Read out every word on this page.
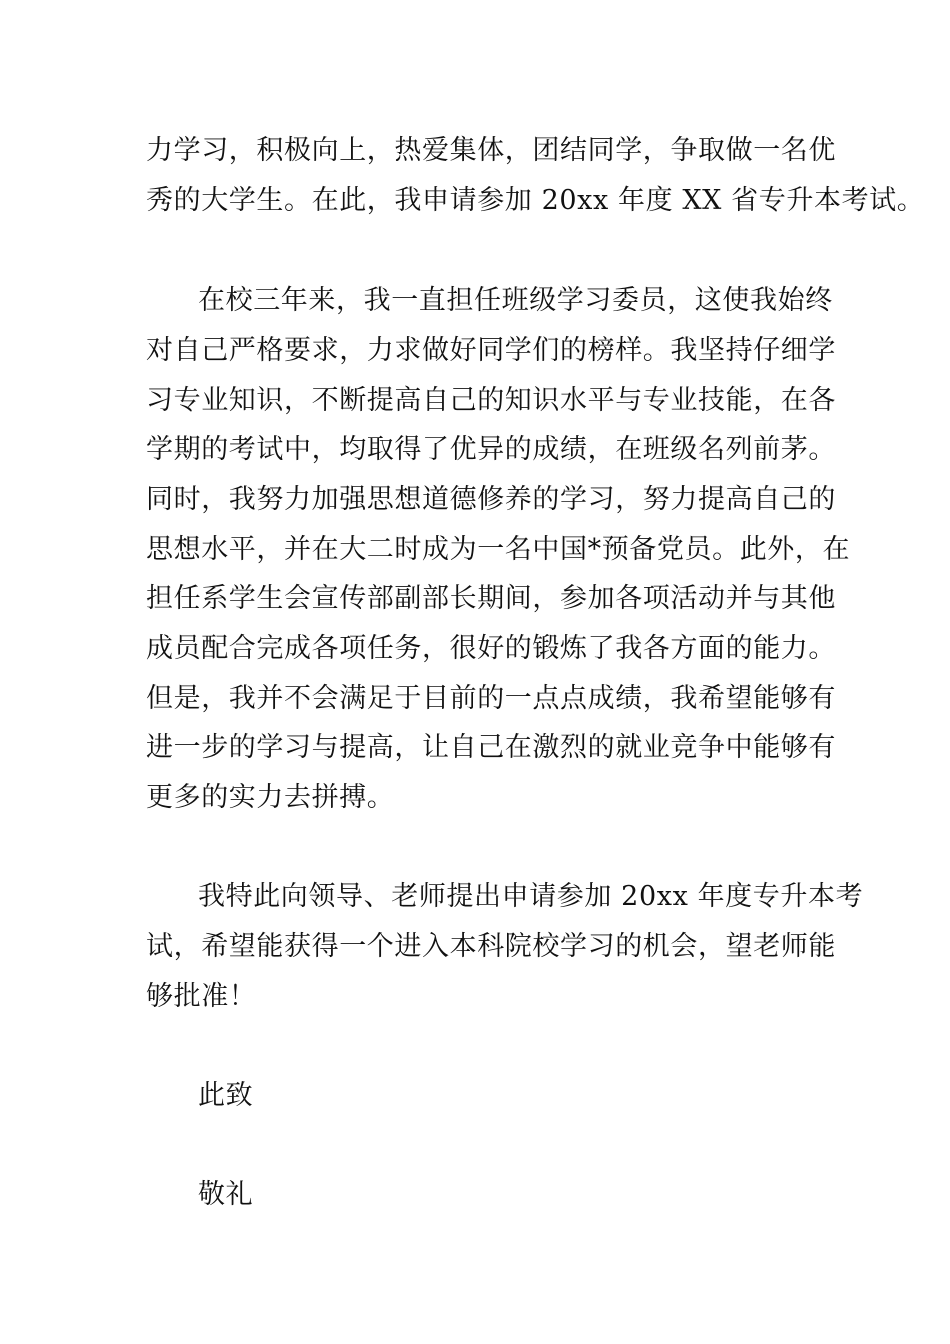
力学习，积极向上，热爱集体，团结同学，争取做一名优
秀的大学生。在此，我申请参加 20xx 年度 XX 省专升本考试。
在校三年来，我一直担任班级学习委员，这使我始终
对自己严格要求，力求做好同学们的榜样。我坚持仔细学
习专业知识，不断提高自己的知识水平与专业技能，在各
学期的考试中，均取得了优异的成绩，在班级名列前茅。
同时，我努力加强思想道德修养的学习，努力提高自己的
思想水平，并在大二时成为一名中国*预备党员。此外，在
担任系学生会宣传部副部长期间，参加各项活动并与其他
成员配合完成各项任务，很好的锻炼了我各方面的能力。
但是，我并不会满足于目前的一点点成绩，我希望能够有
进一步的学习与提高，让自己在激烈的就业竞争中能够有
更多的实力去拼搏。
我特此向领导、老师提出申请参加 20xx 年度专升本考
试，希望能获得一个进入本科院校学习的机会，望老师能
够批准！
此致
敬礼
